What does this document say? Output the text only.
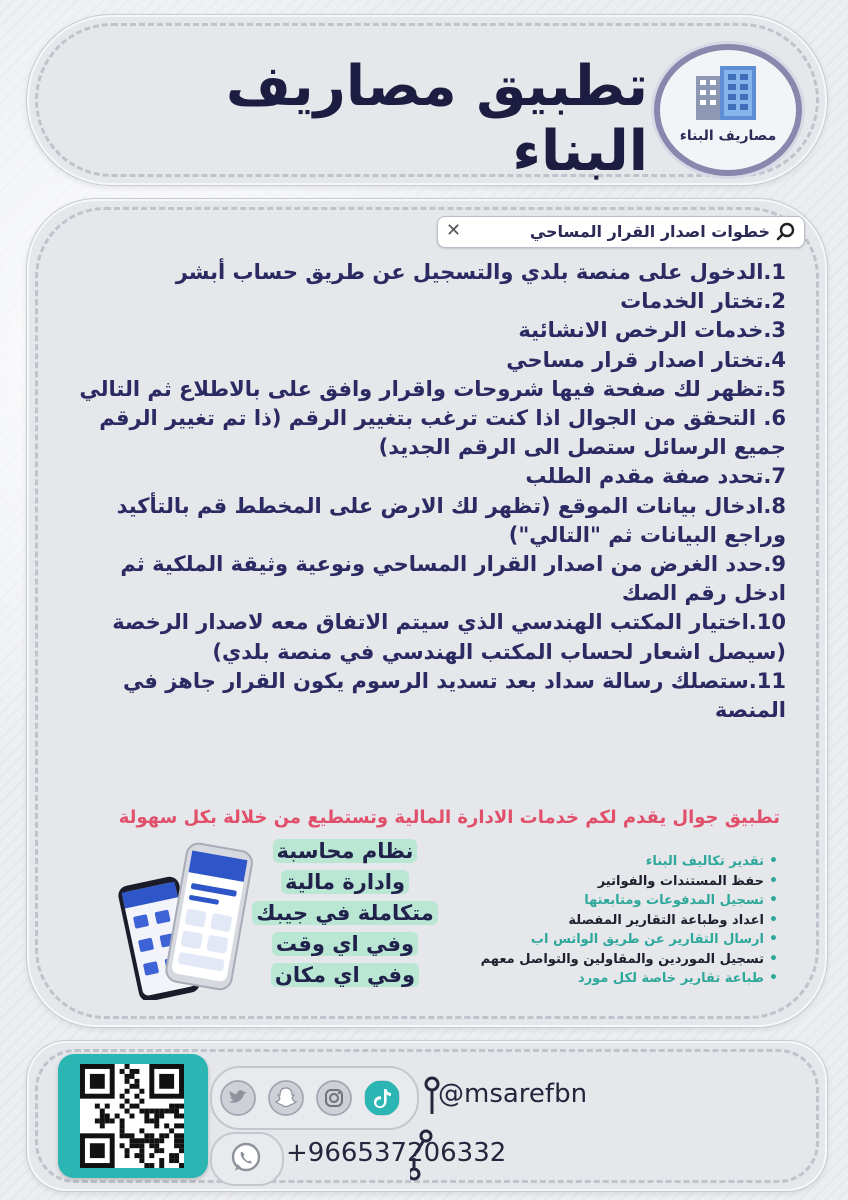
تطبيق مصاريف البناء	مصاريف البناء
✕	خطوات اصدار القرار المساحي
1.الدخول على منصة بلدي والتسجيل عن طريق حساب أبشر
2.تختار الخدمات
3.خدمات الرخص الانشائية
4.تختار اصدار قرار مساحي
5.تظهر لك صفحة فيها شروحات واقرار وافق على بالاطلاع ثم التالي
6. التحقق من الجوال اذا كنت ترغب بتغيير الرقم (ذا تم تغيير الرقم جميع الرسائل ستصل الى الرقم الجديد)
7.تحدد صفة مقدم الطلب
8.ادخال بيانات الموقع (تظهر لك الارض على المخطط قم بالتأكيد وراجع البيانات ثم "التالي")
9.حدد الغرض من اصدار القرار المساحي ونوعية وثيقة الملكية ثم ادخل رقم الصك
10.اختيار المكتب الهندسي الذي سيتم الاتفاق معه لاصدار الرخصة (سيصل اشعار لحساب المكتب الهندسي في منصة بلدي)
11.ستصلك رسالة سداد بعد تسديد الرسوم يكون القرار جاهز في المنصة
تطبيق جوال يقدم لكم خدمات الادارة المالية وتستطيع من خلالة بكل سهولة
نظام محاسبة وادارة مالية متكاملة في جيبك وفي اي وقت وفي اي مكان
• تقدير تكاليف البناء
• حفظ المستندات والفواتير
• تسجيل المدفوعات ومتابعتها
• اعداد وطباعة التقارير المفصلة
• ارسال التقارير عن طريق الواتس اب
• تسجيل الموردين والمقاولين والتواصل معهم
• طباعة تقارير خاصة لكل مورد
@msarefbn
+966537206332
